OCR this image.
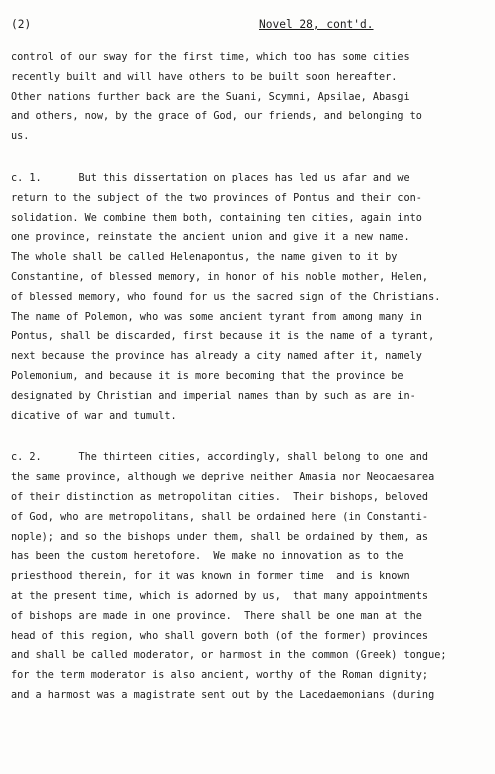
(2)	Novel 28, cont'd.
control of our sway for the first time, which too has some cities
recently built and will have others to be built soon hereafter.
Other nations further back are the Suani, Scymni, Apsilae, Abasgi
and others, now, by the grace of God, our friends, and belonging to
us.
c. 1.      But this dissertation on places has led us afar and we
return to the subject of the two provinces of Pontus and their con-
solidation. We combine them both, containing ten cities, again into
one province, reinstate the ancient union and give it a new name.
The whole shall be called Helenapontus, the name given to it by
Constantine, of blessed memory, in honor of his noble mother, Helen,
of blessed memory, who found for us the sacred sign of the Christians.
The name of Polemon, who was some ancient tyrant from among many in
Pontus, shall be discarded, first because it is the name of a tyrant,
next because the province has already a city named after it, namely
Polemonium, and because it is more becoming that the province be
designated by Christian and imperial names than by such as are in-
dicative of war and tumult.
c. 2.      The thirteen cities, accordingly, shall belong to one and
the same province, although we deprive neither Amasia nor Neocaesarea
of their distinction as metropolitan cities.  Their bishops, beloved
of God, who are metropolitans, shall be ordained here (in Constanti-
nople); and so the bishops under them, shall be ordained by them, as
has been the custom heretofore.  We make no innovation as to the
priesthood therein, for it was known in former time  and is known
at the present time, which is adorned by us,  that many appointments
of bishops are made in one province.  There shall be one man at the
head of this region, who shall govern both (of the former) provinces
and shall be called moderator, or harmost in the common (Greek) tongue;
for the term moderator is also ancient, worthy of the Roman dignity;
and a harmost was a magistrate sent out by the Lacedaemonians (during
